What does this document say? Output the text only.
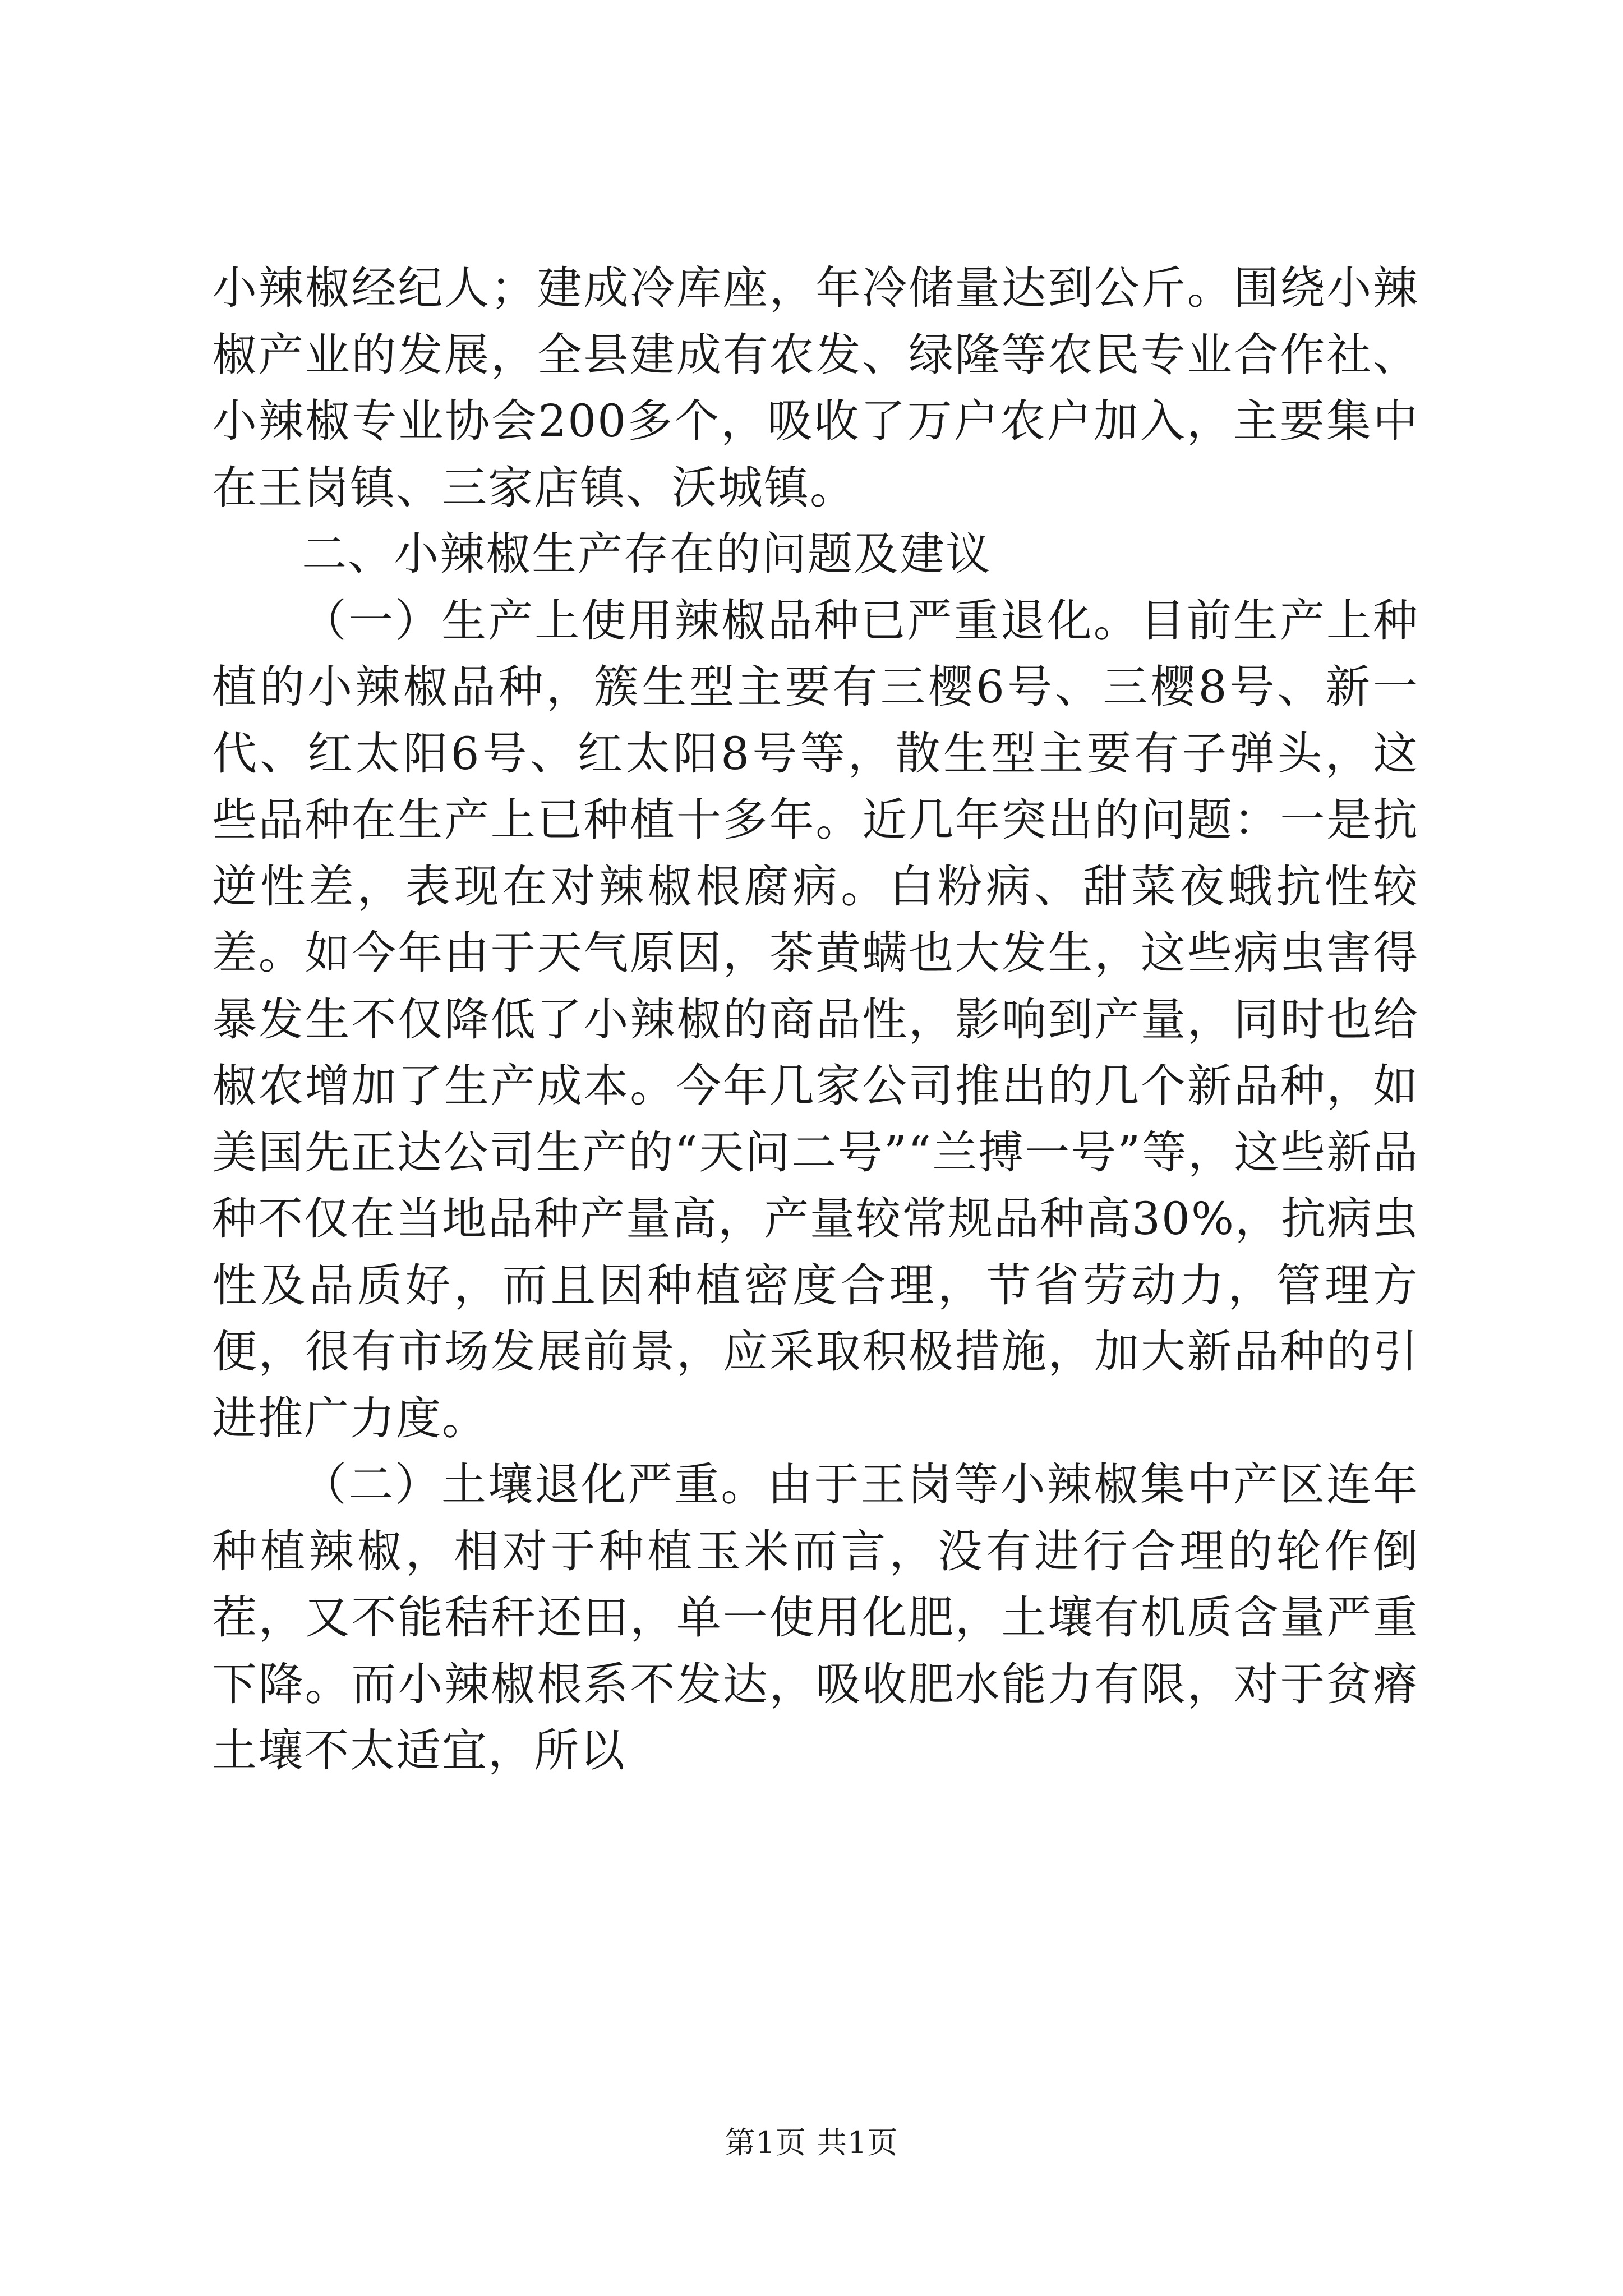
小辣椒经纪人；建成冷库座，年冷储量达到公斤。围绕小辣椒产业的发展，全县建成有农发、绿隆等农民专业合作社、小辣椒专业协会200多个，吸收了万户农户加入，主要集中在王岗镇、三家店镇、沃城镇。

二、小辣椒生产存在的问题及建议

（一）生产上使用辣椒品种已严重退化。目前生产上种植的小辣椒品种，簇生型主要有三樱6号、三樱8号、新一代、红太阳6号、红太阳8号等，散生型主要有子弹头，这些品种在生产上已种植十多年。近几年突出的问题：一是抗逆性差，表现在对辣椒根腐病。白粉病、甜菜夜蛾抗性较差。如今年由于天气原因，茶黄螨也大发生，这些病虫害得暴发生不仅降低了小辣椒的商品性，影响到产量，同时也给椒农增加了生产成本。今年几家公司推出的几个新品种，如美国先正达公司生产的“天问二号”“兰搏一号”等，这些新品种不仅在当地品种产量高，产量较常规品种高30%，抗病虫性及品质好，而且因种植密度合理，节省劳动力，管理方便，很有市场发展前景，应采取积极措施，加大新品种的引进推广力度。

（二）土壤退化严重。由于王岗等小辣椒集中产区连年种植辣椒，相对于种植玉米而言，没有进行合理的轮作倒茬，又不能秸秆还田，单一使用化肥，土壤有机质含量严重下降。而小辣椒根系不发达，吸收肥水能力有限，对于贫瘠土壤不太适宜，所以

第1页 共1页
